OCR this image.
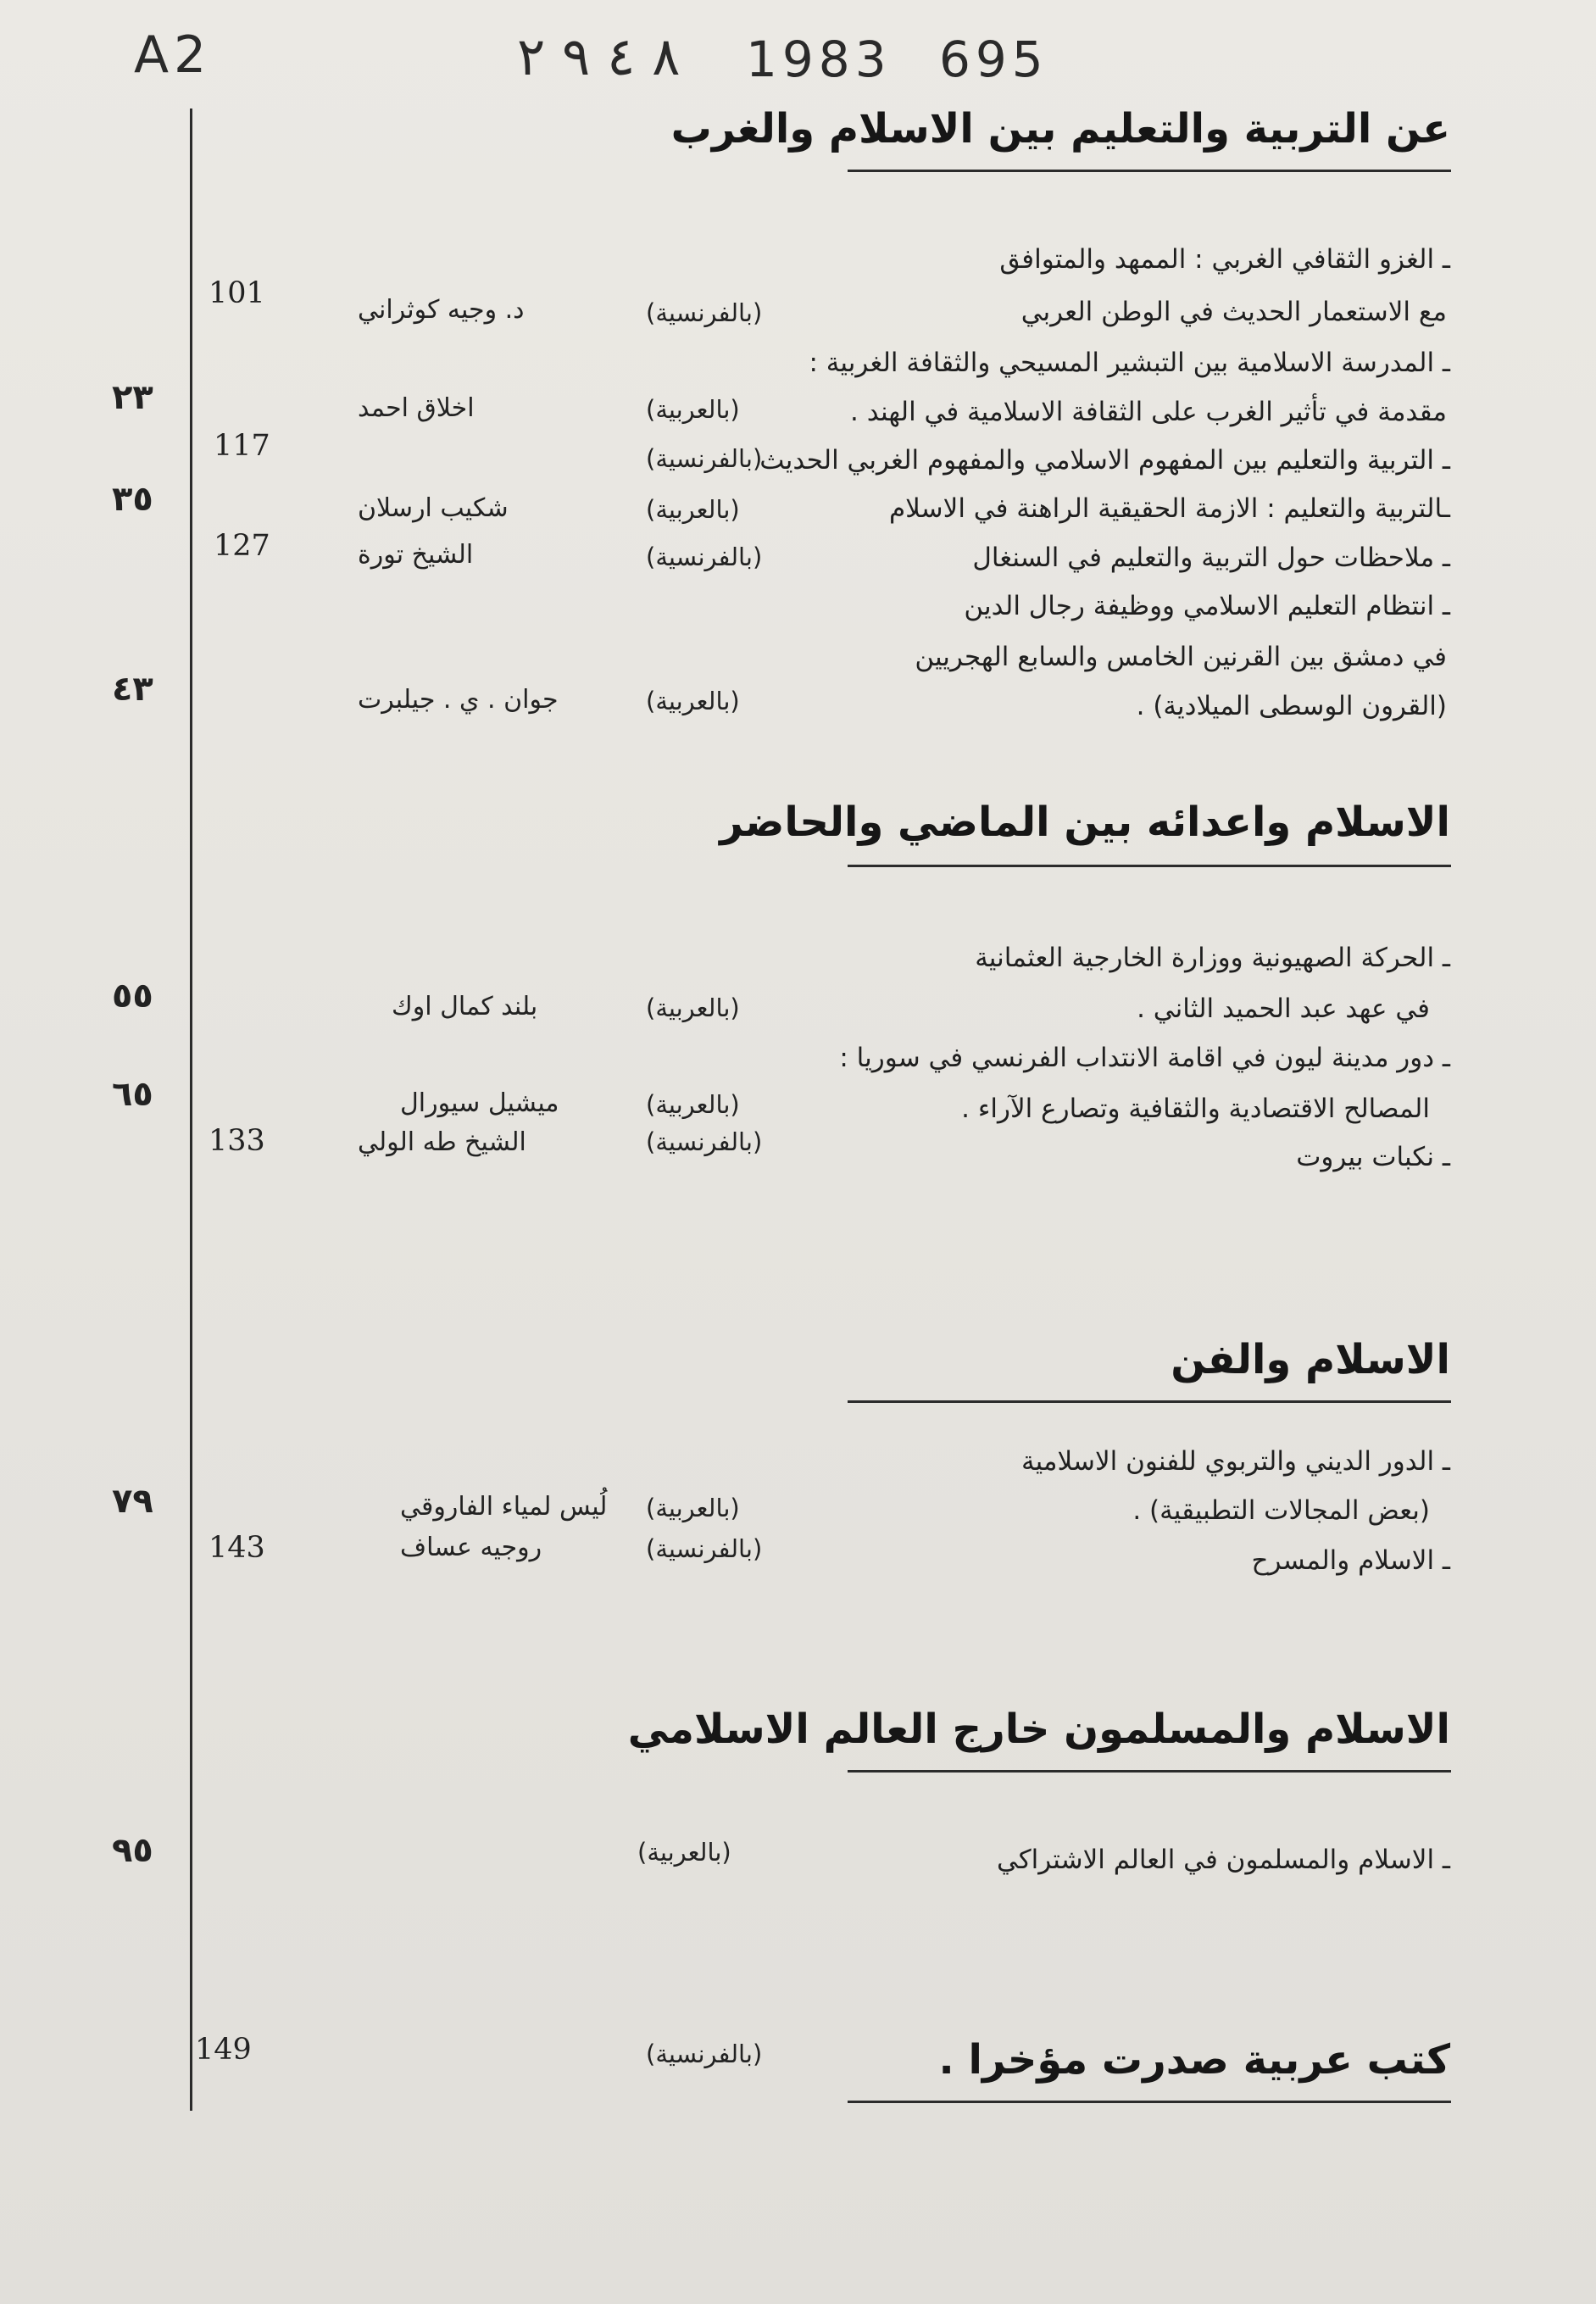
A2	٨ ٤ ٩ ٢ 1983 695
عن التربية والتعليم بين الاسلام والغرب
ـ الغزو الثقافي الغربي : الممهد والمتوافق
مع الاستعمار الحديث في الوطن العربي
ـ المدرسة الاسلامية بين التبشير المسيحي والثقافة الغربية :
مقدمة في تأثير الغرب على الثقافة الاسلامية في الهند .
ـ التربية والتعليم بين المفهوم الاسلامي والمفهوم الغربي الحديث
ـالتربية والتعليم : الازمة الحقيقية الراهنة في الاسلام
ـ ملاحظات حول التربية والتعليم في السنغال
ـ انتظام التعليم الاسلامي ووظيفة رجال الدين
في دمشق بين القرنين الخامس والسابع الهجريين
(القرون الوسطى الميلادية) .
(بالفرنسية)
(بالعربية)
(بالفرنسية)
(بالعربية)
(بالفرنسية)
(بالعربية)
د. وجيه كوثراني
اخلاق احمد
شكيب ارسلان
الشيخ تورة
جوان . ي . جيلبرت
101
117
127
٢٣
٣٥
٤٣
الاسلام واعدائه بين الماضي والحاضر
ـ الحركة الصهيونية ووزارة الخارجية العثمانية
في عهد عبد الحميد الثاني .
ـ دور مدينة ليون في اقامة الانتداب الفرنسي في سوريا :
المصالح الاقتصادية والثقافية وتصارع الآراء .
ـ نكبات بيروت
(بالعربية)
(بالعربية)
(بالفرنسية)
بلند كمال اوك
ميشيل سيورال
الشيخ طه الولي
133
٥٥
٦٥
الاسلام والفن
ـ الدور الديني والتربوي للفنون الاسلامية
(بعض المجالات التطبيقية) .
ـ الاسلام والمسرح
(بالعربية)
(بالفرنسية)
لُيس لمياء الفاروقي
روجيه عساف
143
٧٩
الاسلام والمسلمون خارج العالم الاسلامي
ـ الاسلام والمسلمون في العالم الاشتراكي
(بالعربية)
٩٥
كتب عربية صدرت مؤخرا .
(بالفرنسية)
149
